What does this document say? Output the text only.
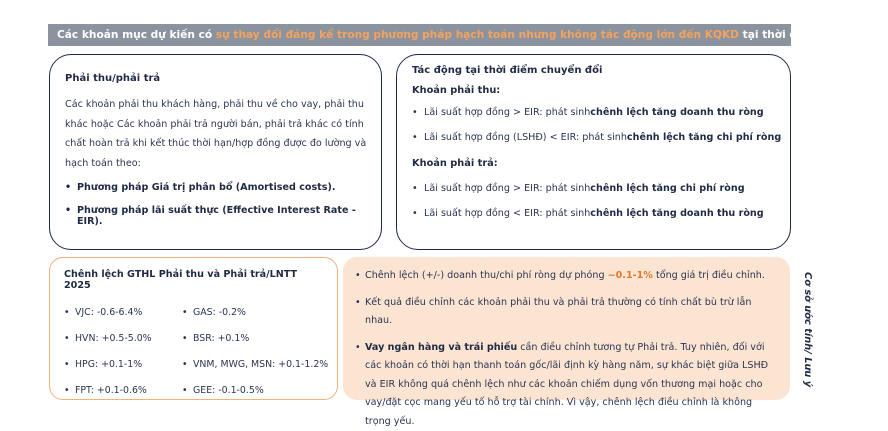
Các khoản mục dự kiến có sự thay đổi đáng kể trong phương pháp hạch toán nhưng không tác động lớn đến KQKD tại thời điểm chuyển đổi
Phải thu/phải trả
Các khoản phải thu khách hàng, phải thu về cho vay, phải thu khác hoặc Các khoản phải trả người bán, phải trả khác có tính chất hoàn trả khi kết thúc thời hạn/hợp đồng được đo lường và hạch toán theo:
• Phương pháp Giá trị phân bổ (Amortised costs).
• Phương pháp lãi suất thực (Effective Interest Rate - EIR).
Tác động tại thời điểm chuyển đổi
Khoản phải thu:
• Lãi suất hợp đồng > EIR: phát sinh chênh lệch tăng doanh thu ròng
• Lãi suất hợp đồng (LSHĐ) < EIR: phát sinh chênh lệch tăng chi phí ròng
Khoản phải trả:
• Lãi suất hợp đồng > EIR: phát sinh chênh lệch tăng chi phí ròng
• Lãi suất hợp đồng < EIR: phát sinh chênh lệch tăng doanh thu ròng
Chênh lệch GTHL Phải thu và Phải trả/LNTT 2025
• VJC: -0.6-6.4%	• GAS: -0.2%
• HVN: +0.5-5.0%	• BSR: +0.1%
• HPG: +0.1-1%	• VNM, MWG, MSN: +0.1-1.2%
• FPT: +0.1-0.6%	• GEE: -0.1-0.5%
• Chênh lệch (+/-) doanh thu/chi phí ròng dự phóng ~0.1-1% tổng giá trị điều chỉnh.
• Kết quả điều chỉnh các khoản phải thu và phải trả thường có tính chất bù trừ lẫn nhau.
• Vay ngân hàng và trái phiếu cần điều chỉnh tương tự Phải trả. Tuy nhiên, đối với các khoản có thời hạn thanh toán gốc/lãi định kỳ hàng năm, sự khác biệt giữa LSHĐ và EIR không quá chênh lệch như các khoản chiếm dụng vốn thương mại hoặc cho vay/đặt cọc mang yếu tố hỗ trợ tài chính. Vì vậy, chênh lệch điều chỉnh là không trọng yếu.
Cơ sở ước tính/ Lưu ý
